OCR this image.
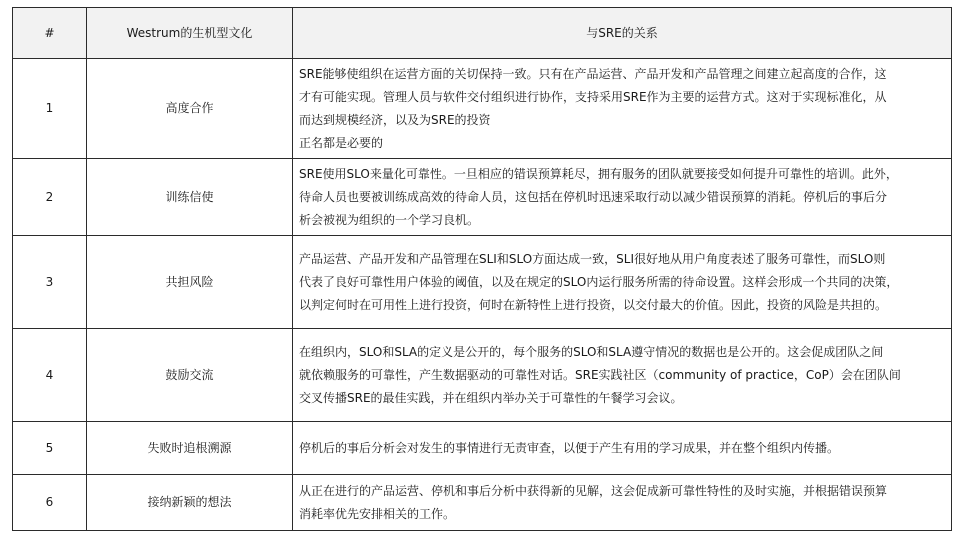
#	Westrum的生机型文化	与SRE的关系
1	高度合作	SRE能够使组织在运营方面的关切保持一致。只有在产品运营、产品开发和产品管理之间建立起高度的合作，这
才有可能实现。管理人员与软件交付组织进行协作，支持采用SRE作为主要的运营方式。这对于实现标准化，从
而达到规模经济，以及为SRE的投资
正名都是必要的

2	训练信使	SRE使用SLO来量化可靠性。一旦相应的错误预算耗尽，拥有服务的团队就要接受如何提升可靠性的培训。此外，
待命人员也要被训练成高效的待命人员，这包括在停机时迅速采取行动以减少错误预算的消耗。停机后的事后分
析会被视为组织的一个学习良机。

3	共担风险	产品运营、产品开发和产品管理在SLI和SLO方面达成一致，SLI很好地从用户角度表述了服务可靠性，而SLO则
代表了良好可靠性用户体验的阈值，以及在规定的SLO内运行服务所需的待命设置。这样会形成一个共同的决策，
以判定何时在可用性上进行投资，何时在新特性上进行投资，以交付最大的价值。因此，投资的风险是共担的。

4	鼓励交流	在组织内，SLO和SLA的定义是公开的，每个服务的SLO和SLA遵守情况的数据也是公开的。这会促成团队之间
就依赖服务的可靠性，产生数据驱动的可靠性对话。SRE实践社区（community of practice，CoP）会在团队间
交叉传播SRE的最佳实践，并在组织内举办关于可靠性的午餐学习会议。

5	失败时追根溯源	停机后的事后分析会对发生的事情进行无责审查，以便于产生有用的学习成果，并在整个组织内传播。

6	接纳新颖的想法	从正在进行的产品运营、停机和事后分析中获得新的见解，这会促成新可靠性特性的及时实施，并根据错误预算
消耗率优先安排相关的工作。
